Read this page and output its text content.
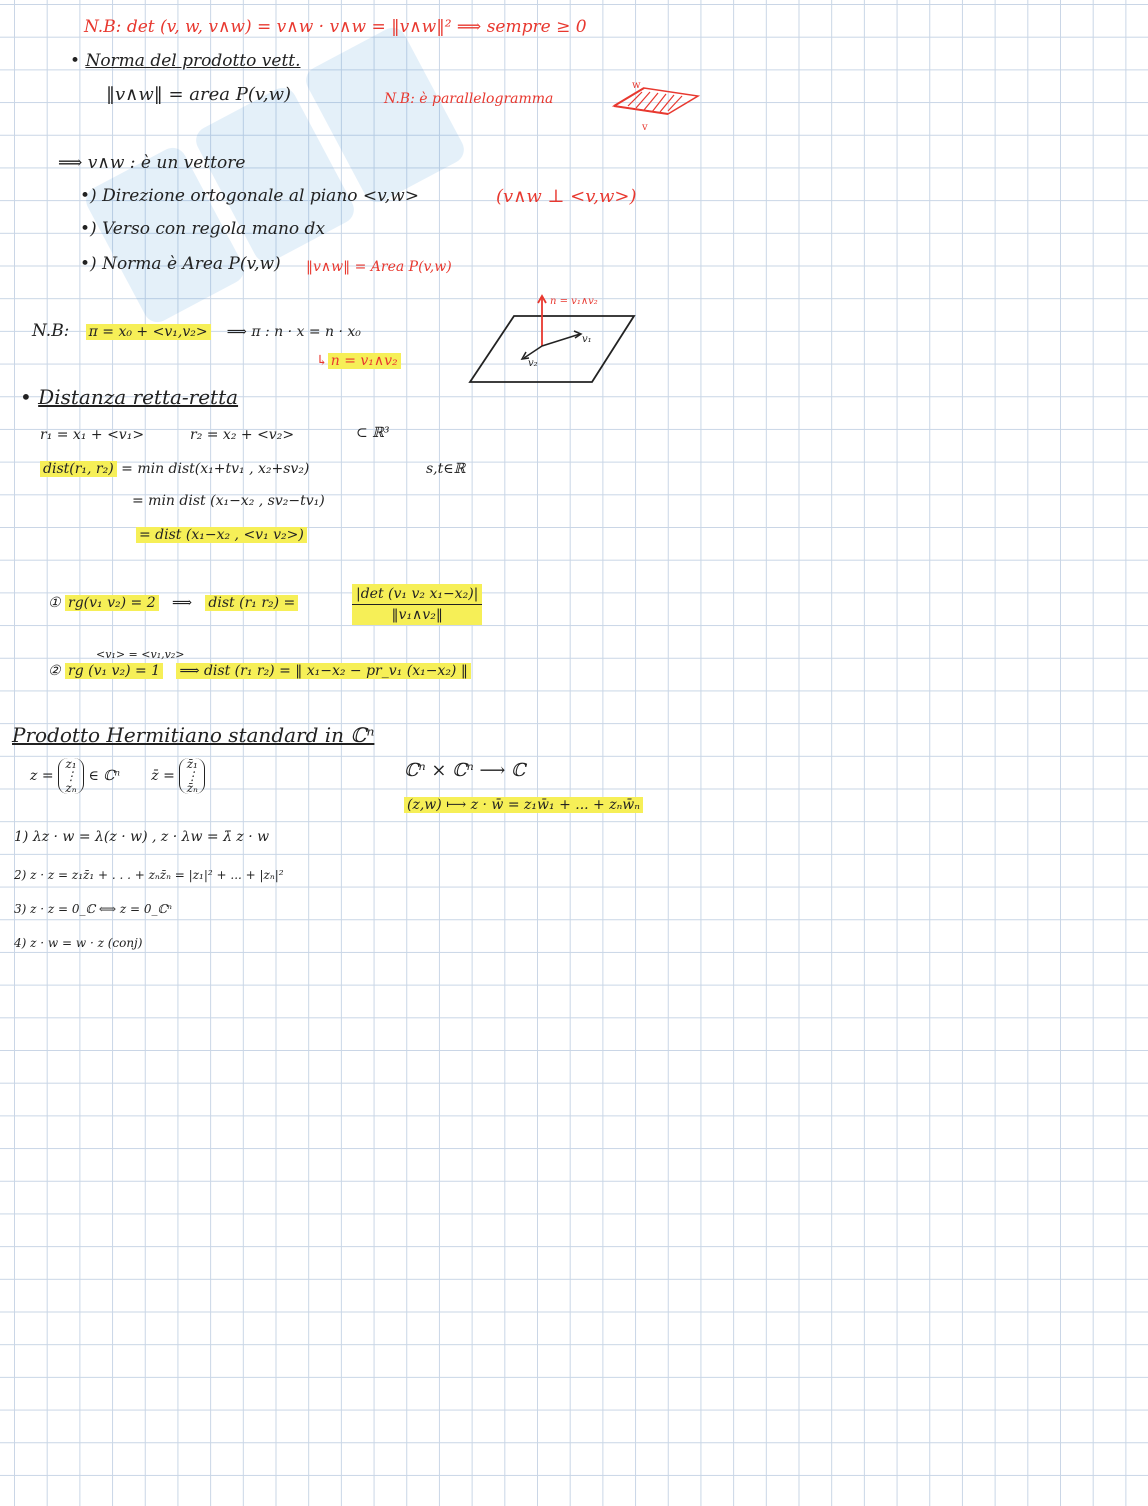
N.B: det (v, w, v∧w) = v∧w · v∧w = ‖v∧w‖² ⟹ sempre ≥ 0
• Norma del prodotto vett.
‖v∧w‖ = area P(v,w)	N.B: è parallelogramma
w
v
⟹ v∧w : è un vettore
•) Direzione ortogonale al piano <v,w>	(v∧w ⊥ <v,w>)
•) Verso con regola mano dx
•) Norma è Area P(v,w) ‖v∧w‖ = Area P(v,w)
N.B: π = x₀ + <v₁,v₂> ⟹ π : n · x = n · x₀
↳ n = v₁∧v₂
n = v₁∧v₂
v₁
v₂
• Distanza retta-retta
r₁ = x₁ + <v₁>	r₂ = x₂ + <v₂>	⊂ ℝ³
dist(r₁, r₂) = min dist(x₁+tv₁ , x₂+sv₂)	s,t∈ℝ
= min dist (x₁−x₂ , sv₂−tv₁)
= dist (x₁−x₂ , <v₁ v₂>)
① rg(v₁ v₂) = 2 ⟹ dist (r₁ r₂) =	$\frac{\text{|det (v₁ v₂ x₁−x₂)|}}{\text{‖v₁∧v₂‖}}$
<v₁> = <v₁,v₂>
② rg (v₁ v₂) = 1 ⟹ dist (r₁ r₂) = ‖ x₁−x₂ − pr_v₁ (x₁−x₂) ‖
Prodotto Hermitiano standard in ℂⁿ
z = z₁ ⋮ zₙ ∈ ℂⁿ z̄ = z̄₁ ⋮ z̄ₙ
ℂⁿ × ℂⁿ ⟶ ℂ
(z,w) ⟼ z · w̄ = z₁w̄₁ + ... + zₙw̄ₙ
1) λz · w = λ(z · w) , z · λw = λ̄ z · w
2) z · z = z₁z̄₁ + . . . + zₙz̄ₙ = |z₁|² + ... + |zₙ|²
3) z · z = 0_ℂ ⟺ z = 0_ℂⁿ
4) z · w = w · z (conj)
